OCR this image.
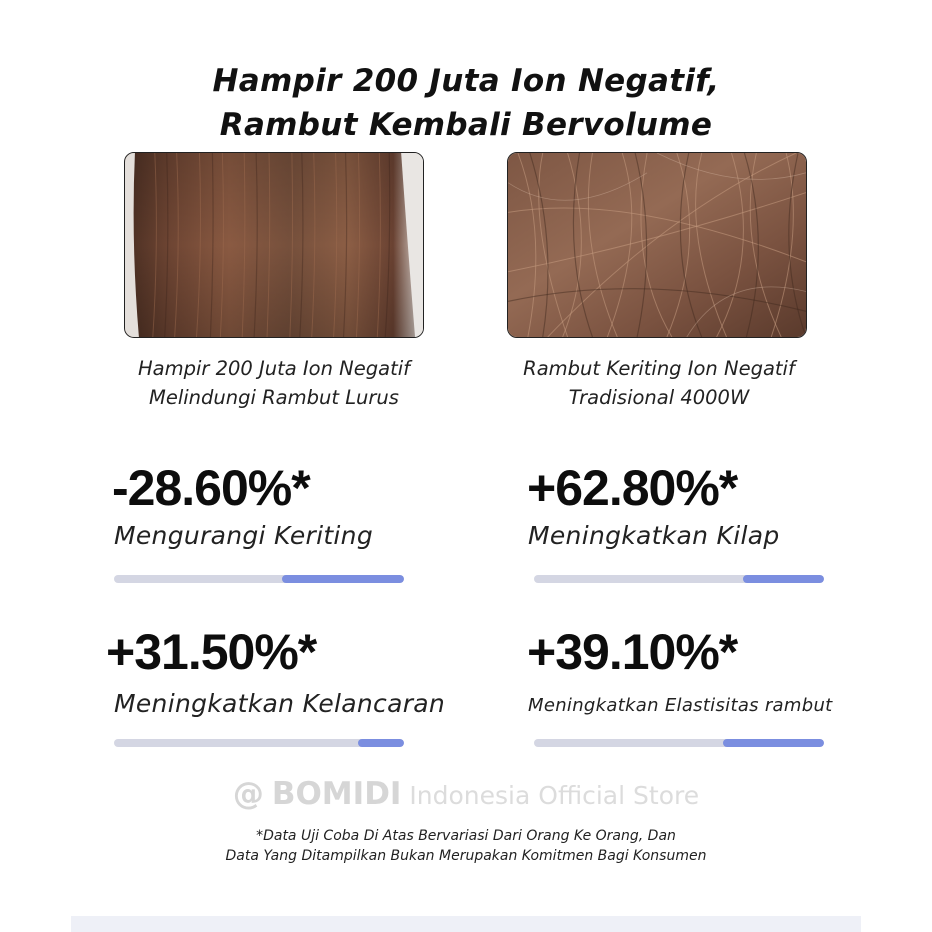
Hampir 200 Juta Ion Negatif,
Rambut Kembali Bervolume
Hampir 200 Juta Ion Negatif
Melindungi Rambut Lurus
Rambut Keriting Ion Negatif
Tradisional 4000W
-28.60%*
Mengurangi Keriting
+62.80%*
Meningkatkan Kilap
+31.50%*
Meningkatkan Kelancaran
+39.10%*
Meningkatkan Elastisitas rambut
@ BOMIDI Indonesia Official Store
*Data Uji Coba Di Atas Bervariasi Dari Orang Ke Orang, Dan
Data Yang Ditampilkan Bukan Merupakan Komitmen Bagi Konsumen
